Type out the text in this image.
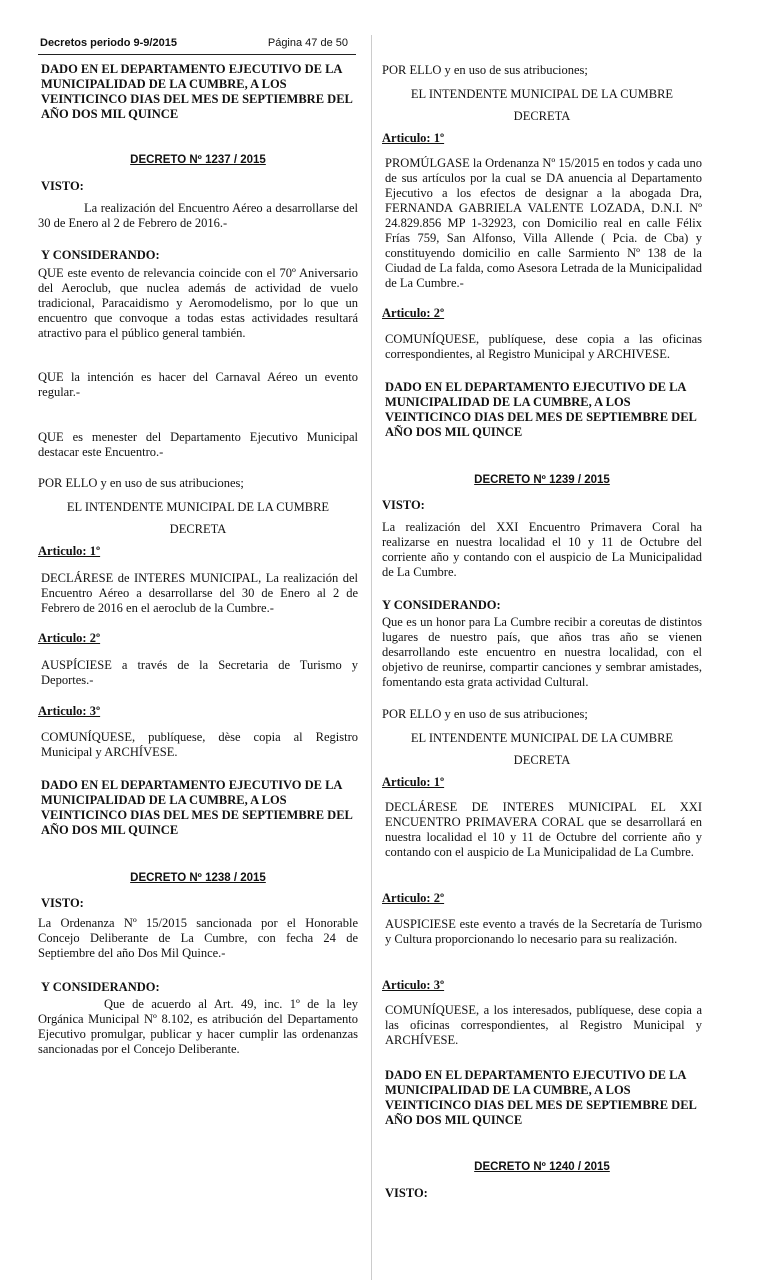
Decretos periodo 9-9/2015	Página 47 de 50
DADO EN EL DEPARTAMENTO EJECUTIVO DE LA MUNICIPALIDAD DE LA CUMBRE, A LOS VEINTICINCO DIAS DEL MES DE SEPTIEMBRE DEL AÑO DOS MIL QUINCE
DECRETO Nº 1237 / 2015
VISTO:
La realización del Encuentro Aéreo a desarrollarse del 30 de Enero al 2 de Febrero de 2016.-
Y CONSIDERANDO:
QUE este evento de relevancia coincide con el 70º Aniversario del Aeroclub, que nuclea además de actividad de vuelo tradicional, Paracaidismo y Aeromodelismo, por lo que un encuentro que convoque a todas estas actividades resultará atractivo para el público general también.
QUE la intención es hacer del Carnaval Aéreo un evento regular.-
QUE es menester del Departamento Ejecutivo Municipal destacar este Encuentro.-
POR ELLO y en uso de sus atribuciones;
EL INTENDENTE MUNICIPAL DE LA CUMBRE
DECRETA
Articulo: 1º
DECLÁRESE de INTERES MUNICIPAL, La realización del Encuentro Aéreo a desarrollarse del 30 de Enero al 2 de Febrero de 2016 en el aeroclub de la Cumbre.-
Articulo: 2º
AUSPÍCIESE a través de la Secretaria de Turismo y Deportes.-
Articulo: 3º
COMUNÍQUESE, publíquese, dèse copia al Registro Municipal y ARCHÍVESE.
DADO EN EL DEPARTAMENTO EJECUTIVO DE LA MUNICIPALIDAD DE LA CUMBRE, A LOS VEINTICINCO DIAS DEL MES DE SEPTIEMBRE DEL AÑO DOS MIL QUINCE
DECRETO Nº 1238 / 2015
VISTO:
La Ordenanza Nº 15/2015 sancionada por el Honorable Concejo Deliberante de La Cumbre, con fecha 24 de Septiembre del año Dos Mil Quince.-
Y CONSIDERANDO:
Que de acuerdo al Art. 49, inc. 1º de la ley Orgánica Municipal Nº 8.102, es atribución del Departamento Ejecutivo promulgar, publicar y hacer cumplir las ordenanzas sancionadas por el Concejo Deliberante.
POR ELLO y en uso de sus atribuciones;
EL INTENDENTE MUNICIPAL DE LA CUMBRE
DECRETA
Articulo: 1º
PROMÚLGASE la Ordenanza Nº 15/2015 en todos y cada uno de sus artículos por la cual se DA anuencia al Departamento Ejecutivo a los efectos de designar a la abogada Dra, FERNANDA GABRIELA VALENTE LOZADA, D.N.I. Nº 24.829.856 MP 1-32923, con Domicilio real en calle Félix Frías 759, San Alfonso, Villa Allende ( Pcia. de Cba) y constituyendo domicilio en calle Sarmiento Nº 138 de la Ciudad de La falda, como Asesora Letrada de la Municipalidad de La Cumbre.-
Articulo: 2º
COMUNÍQUESE, publíquese, dese copia a las oficinas correspondientes, al Registro Municipal y ARCHIVESE.
DADO EN EL DEPARTAMENTO EJECUTIVO DE LA MUNICIPALIDAD DE LA CUMBRE, A LOS VEINTICINCO DIAS DEL MES DE SEPTIEMBRE DEL AÑO DOS MIL QUINCE
DECRETO Nº 1239 / 2015
VISTO:
La realización del XXI Encuentro Primavera Coral ha realizarse en nuestra localidad el 10 y 11 de Octubre del corriente año y contando con el auspicio de La Municipalidad de La Cumbre.
Y CONSIDERANDO:
Que es un honor para La Cumbre recibir a coreutas de distintos lugares de nuestro país, que años tras año se vienen desarrollando este encuentro en nuestra localidad, con el objetivo de reunirse, compartir canciones y sembrar amistades, fomentando esta grata actividad Cultural.
POR ELLO y en uso de sus atribuciones;
EL INTENDENTE MUNICIPAL DE LA CUMBRE
DECRETA
Articulo: 1º
DECLÁRESE DE INTERES MUNICIPAL EL XXI ENCUENTRO PRIMAVERA CORAL que se desarrollará en nuestra localidad el 10 y 11 de Octubre del corriente año y contando con el auspicio de La Municipalidad de La Cumbre.
Articulo: 2º
AUSPICIESE este evento a través de la Secretaría de Turismo y Cultura proporcionando lo necesario para su realización.
Articulo: 3º
COMUNÍQUESE, a los interesados, publíquese, dese copia a las oficinas correspondientes, al Registro Municipal y ARCHÍVESE.
DADO EN EL DEPARTAMENTO EJECUTIVO DE LA MUNICIPALIDAD DE LA CUMBRE, A LOS VEINTICINCO DIAS DEL MES DE SEPTIEMBRE DEL AÑO DOS MIL QUINCE
DECRETO Nº 1240 / 2015
VISTO:
